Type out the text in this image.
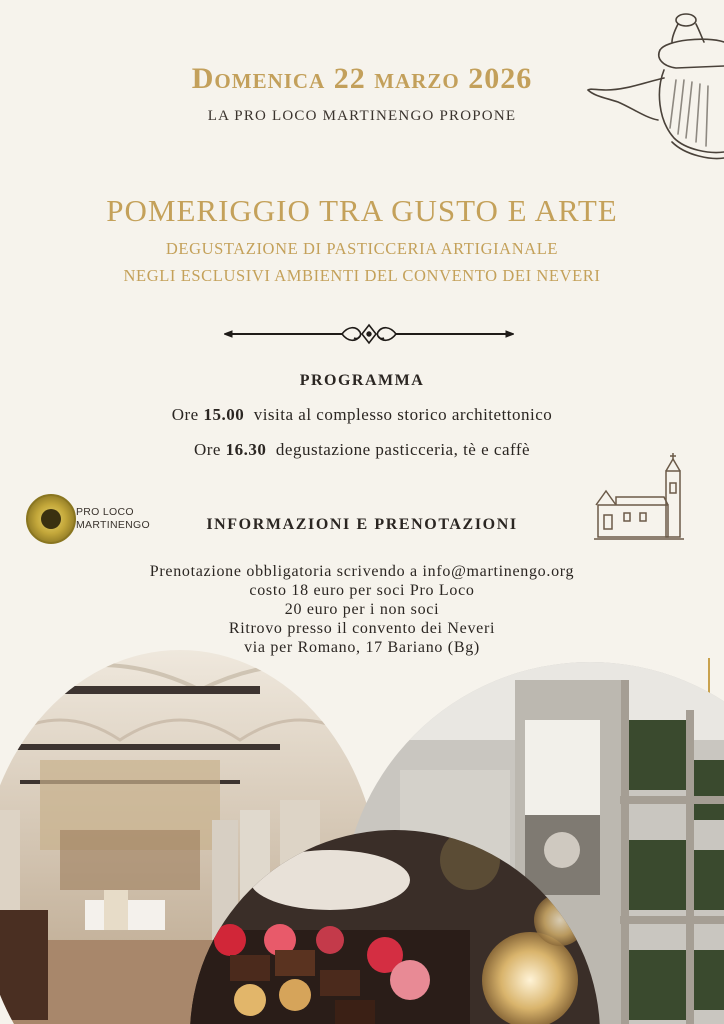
Domenica 22 marzo 2026
LA PRO LOCO MARTINENGO PROPONE
POMERIGGIO TRA GUSTO E ARTE
DEGUSTAZIONE DI PASTICCERIA ARTIGIANALE
NEGLI ESCLUSIVI AMBIENTI DEL CONVENTO DEI NEVERI
PROGRAMMA
Ore 15.00  visita al complesso storico architettonico
Ore 16.30  degustazione pasticceria, tè e caffè
PRO LOCO
MARTINENGO	INFORMAZIONI E PRENOTAZIONI
Prenotazione obbligatoria scrivendo a info@martinengo.org
costo 18 euro per soci Pro Loco
20 euro per i non soci
Ritrovo presso il convento dei Neveri
via per Romano, 17 Bariano (Bg)
